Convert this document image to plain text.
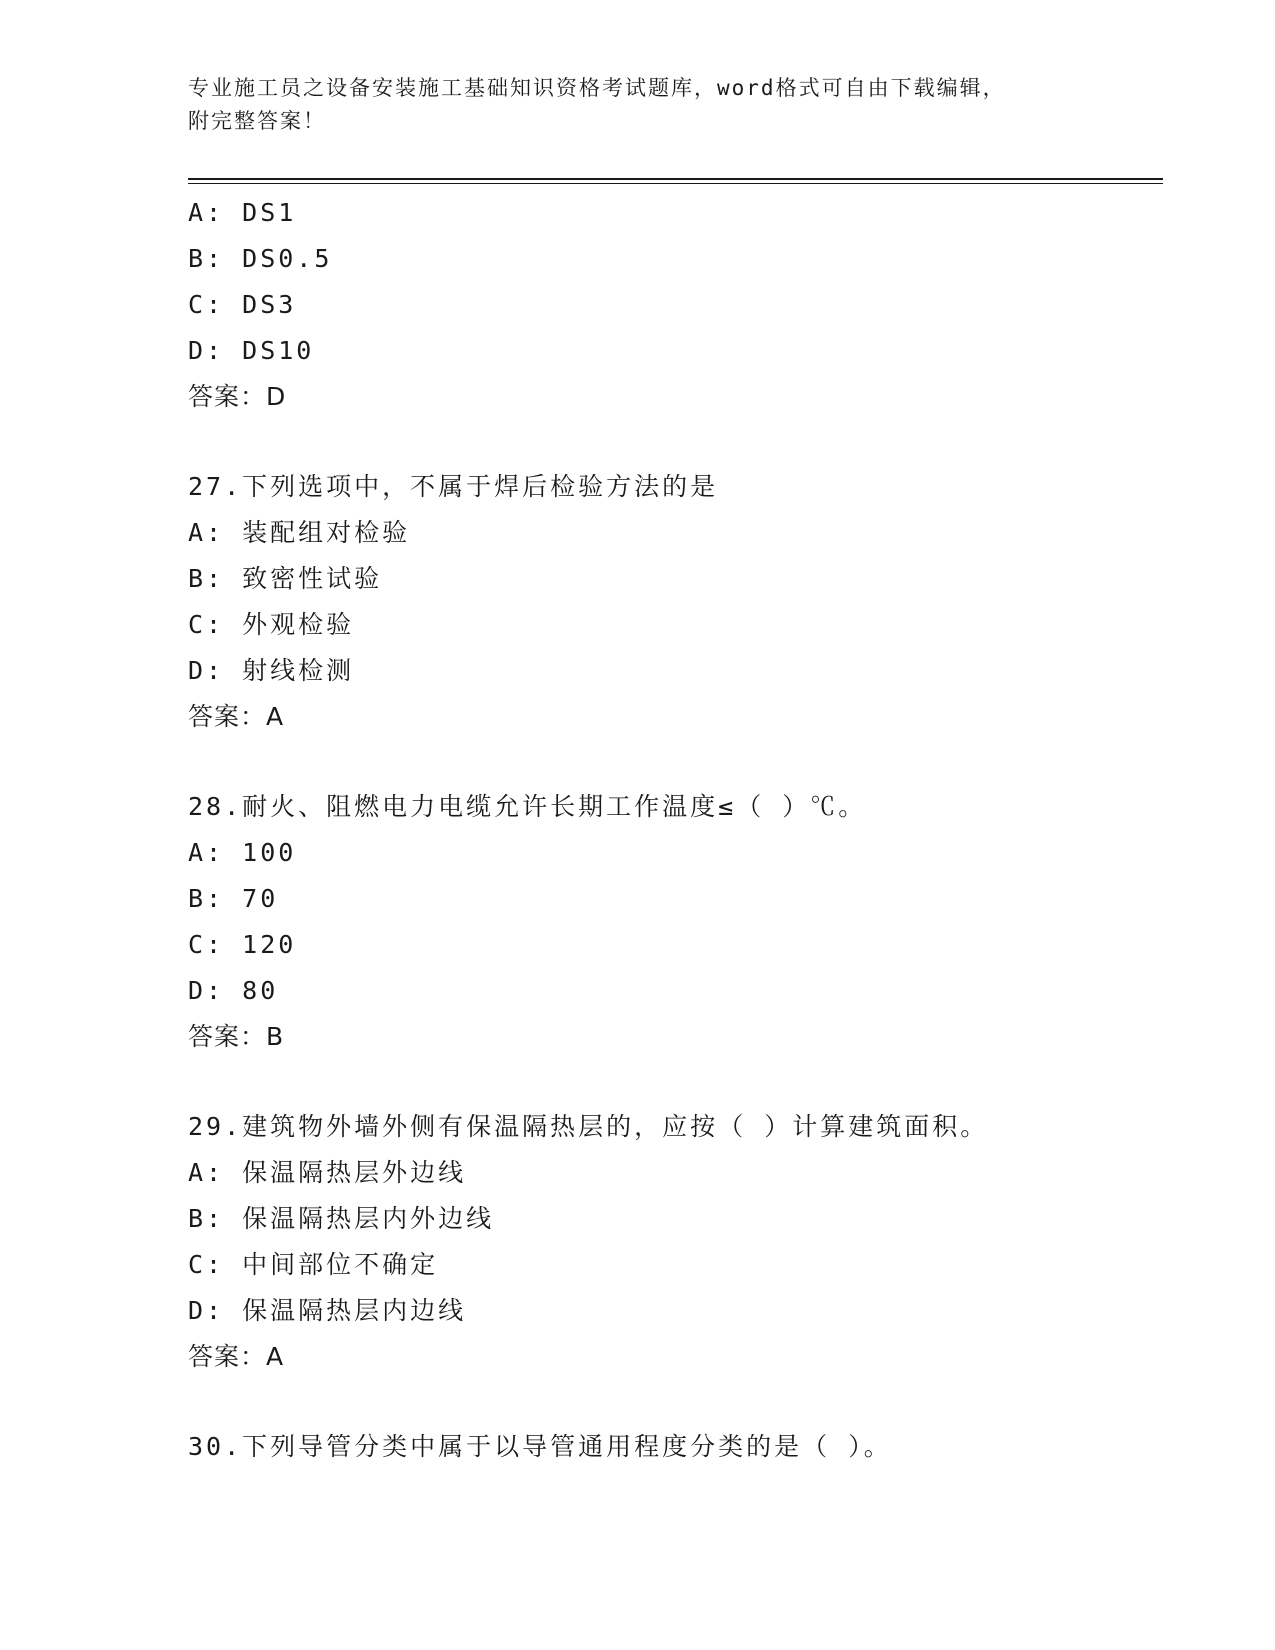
专业施工员之设备安装施工基础知识资格考试题库，word格式可自由下载编辑，
附完整答案！
A: DS1
B: DS0.5
C: DS3
D: DS10
答案：D
27.下列选项中，不属于焊后检验方法的是
A: 装配组对检验
B: 致密性试验
C: 外观检验
D: 射线检测
答案：A
28.耐火、阻燃电力电缆允许长期工作温度≤（ ）℃。
A: 100
B: 70
C: 120
D: 80
答案：B
29.建筑物外墙外侧有保温隔热层的，应按（ ）计算建筑面积。
A: 保温隔热层外边线
B: 保温隔热层内外边线
C: 中间部位不确定
D: 保温隔热层内边线
答案：A
30.下列导管分类中属于以导管通用程度分类的是（ ）。
